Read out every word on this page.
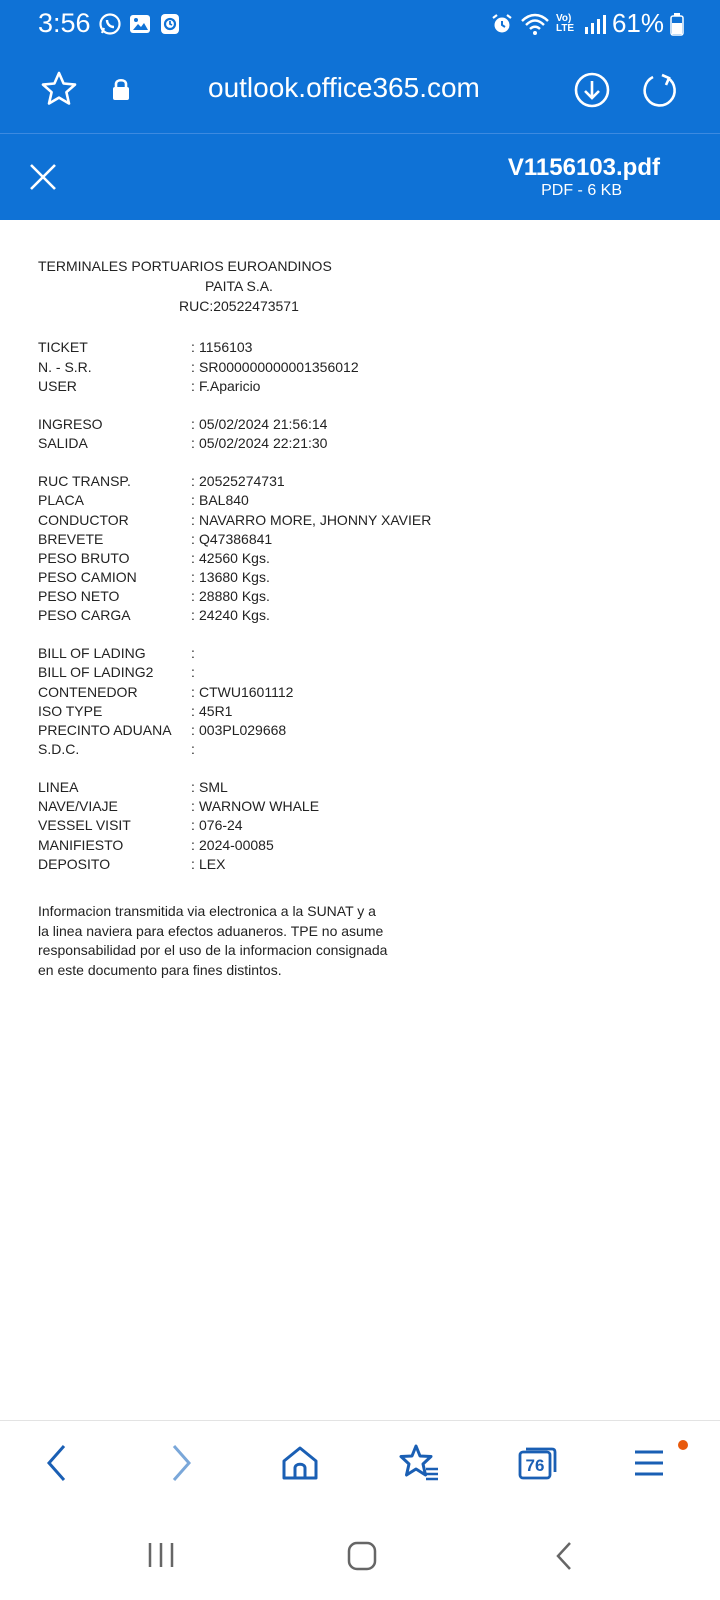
3:56	Vo) LTE 61%
outlook.office365.com
V1156103.pdf
PDF - 6 KB
TERMINALES PORTUARIOS EUROANDINOS
PAITA S.A.
RUC:20522473571
Informacion transmitida via electronica a la SUNAT y a
la linea naviera para efectos aduaneros. TPE no asume
responsabilidad por el uso de la informacion consignada
en este documento para fines distintos.
TICKET	: 1156103
N. - S.R.	: SR000000000001356012
USER	: F.Aparicio
INGRESO	: 05/02/2024 21:56:14
SALIDA	: 05/02/2024 22:21:30
RUC TRANSP.	: 20525274731
PLACA	: BAL840
CONDUCTOR	: NAVARRO MORE, JHONNY XAVIER
BREVETE	: Q47386841
PESO BRUTO	: 42560 Kgs.
PESO CAMION	: 13680 Kgs.
PESO NETO	: 28880 Kgs.
PESO CARGA	: 24240 Kgs.
BILL OF LADING	:
BILL OF LADING2	:
CONTENEDOR	: CTWU1601112
ISO TYPE	: 45R1
PRECINTO ADUANA : 003PL029668
S.D.C.	:
LINEA	: SML
NAVE/VIAJE	: WARNOW WHALE
VESSEL VISIT	: 076-24
MANIFIESTO	: 2024-00085
DEPOSITO	: LEX
76
